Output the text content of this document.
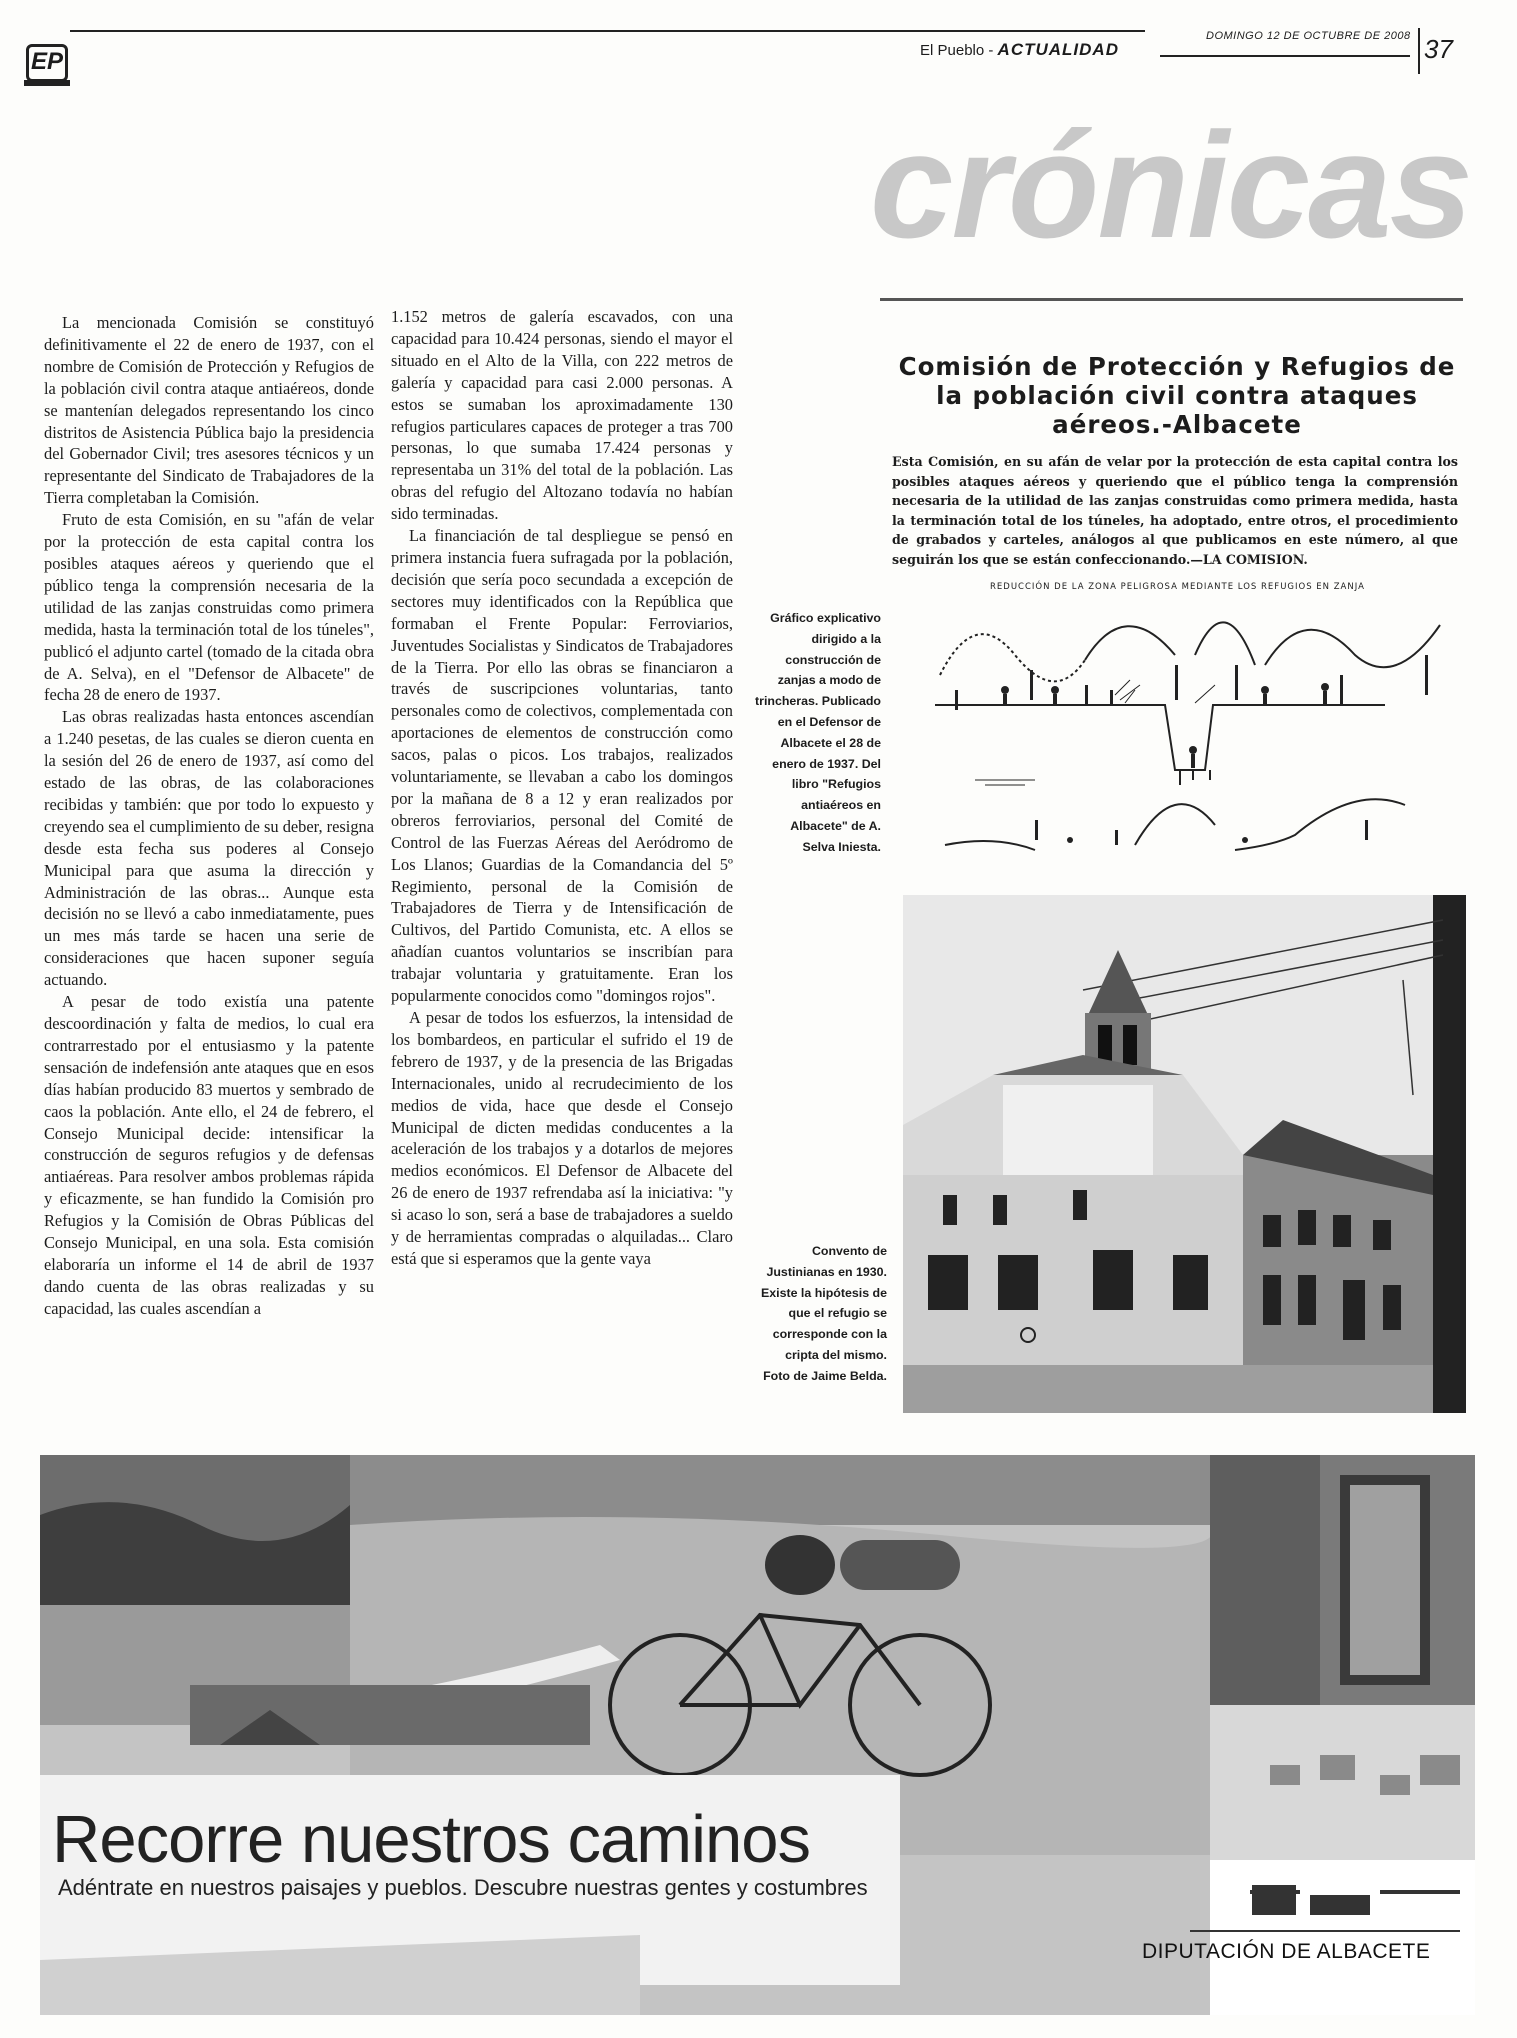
EP	El Pueblo - ACTUALIDAD
DOMINGO 12 DE OCTUBRE DE 2008 37
crónicas

La mencionada Comisión se constituyó definitivamente el 22 de enero de 1937, con el nombre de Comisión de Protección y Refugios de la población civil contra ataque antiaéreos, donde se mantenían delegados representando los cinco distritos de Asistencia Pública bajo la presidencia del Gobernador Civil; tres asesores técnicos y un representante del Sindicato de Trabajadores de la Tierra completaban la Comisión.

Fruto de esta Comisión, en su "afán de velar por la protección de esta capital contra los posibles ataques aéreos y queriendo que el público tenga la comprensión necesaria de la utilidad de las zanjas construidas como primera medida, hasta la terminación total de los túneles", publicó el adjunto cartel (tomado de la citada obra de A. Selva), en el "Defensor de Albacete" de fecha 28 de enero de 1937.

Las obras realizadas hasta entonces ascendían a 1.240 pesetas, de las cuales se dieron cuenta en la sesión del 26 de enero de 1937, así como del estado de las obras, de las colaboraciones recibidas y también: que por todo lo expuesto y creyendo sea el cumplimiento de su deber, resigna desde esta fecha sus poderes al Consejo Municipal para que asuma la dirección y Administración de las obras... Aunque esta decisión no se llevó a cabo inmediatamente, pues un mes más tarde se hacen una serie de consideraciones que hacen suponer seguía actuando.

A pesar de todo existía una patente descoordinación y falta de medios, lo cual era contrarrestado por el entusiasmo y la patente sensación de indefensión ante ataques que en esos días habían producido 83 muertos y sembrado de caos la población. Ante ello, el 24 de febrero, el Consejo Municipal decide: intensificar la construcción de seguros refugios y de defensas antiaéreas. Para resolver ambos problemas rápida y eficazmente, se han fundido la Comisión pro Refugios y la Comisión de Obras Públicas del Consejo Municipal, en una sola. Esta comisión elaboraría un informe el 14 de abril de 1937 dando cuenta de las obras realizadas y su capacidad, las cuales ascendían a

1.152 metros de galería escavados, con una capacidad para 10.424 personas, siendo el mayor el situado en el Alto de la Villa, con 222 metros de galería y capacidad para casi 2.000 personas. A estos se sumaban los aproximadamente 130 refugios particulares capaces de proteger a tras 700 personas, lo que sumaba 17.424 personas y representaba un 31% del total de la población. Las obras del refugio del Altozano todavía no habían sido terminadas.

La financiación de tal despliegue se pensó en primera instancia fuera sufragada por la población, decisión que sería poco secundada a excepción de sectores muy identificados con la República que formaban el Frente Popular: Ferroviarios, Juventudes Socialistas y Sindicatos de Trabajadores de la Tierra. Por ello las obras se financiaron a través de suscripciones voluntarias, tanto personales como de colectivos, complementada con aportaciones de elementos de construcción como sacos, palas o picos. Los trabajos, realizados voluntariamente, se llevaban a cabo los domingos por la mañana de 8 a 12 y eran realizados por obreros ferroviarios, personal del Comité de Control de las Fuerzas Aéreas del Aeródromo de Los Llanos; Guardias de la Comandancia del 5º Regimiento, personal de la Comisión de Trabajadores de Tierra y de Intensificación de Cultivos, del Partido Comunista, etc. A ellos se añadían cuantos voluntarios se inscribían para trabajar voluntaria y gratuitamente. Eran los popularmente conocidos como "domingos rojos".

A pesar de todos los esfuerzos, la intensidad de los bombardeos, en particular el sufrido el 19 de febrero de 1937, y de la presencia de las Brigadas Internacionales, unido al recrudecimiento de los medios de vida, hace que desde el Consejo Municipal de dicten medidas conducentes a la aceleración de los trabajos y a dotarlos de mejores medios económicos. El Defensor de Albacete del 26 de enero de 1937 refrendaba así la iniciativa: "y si acaso lo son, será a base de trabajadores a sueldo y de herramientas compradas o alquiladas... Claro está que si esperamos que la gente vaya

Comisión de Protección y Refugios de la población civil contra ataques aéreos.-Albacete
Esta Comisión, en su afán de velar por la protección de esta capital contra los posibles ataques aéreos y queriendo que el público tenga la comprensión necesaria de la utilidad de las zanjas construidas como primera medida, hasta la terminación total de los túneles, ha adoptado, entre otros, el procedimiento de grabados y carteles, análogos al que publicamos en este número, al que seguirán los que se están confeccionando.—LA COMISION.
REDUCCIÓN DE LA ZONA PELIGROSA MEDIANTE LOS REFUGIOS EN ZANJA
Gráfico explicativo dirigido a la construcción de zanjas a modo de trincheras. Publicado en el Defensor de Albacete el 28 de enero de 1937. Del libro "Refugios antiaéreos en Albacete" de A. Selva Iniesta.
Convento de Justinianas en 1930. Existe la hipótesis de que el refugio se corresponde con la cripta del mismo. Foto de Jaime Belda.
Recorre nuestros caminos
Adéntrate en nuestros paisajes y pueblos. Descubre nuestras gentes y costumbres
DIPUTACIÓN DE ALBACETE
